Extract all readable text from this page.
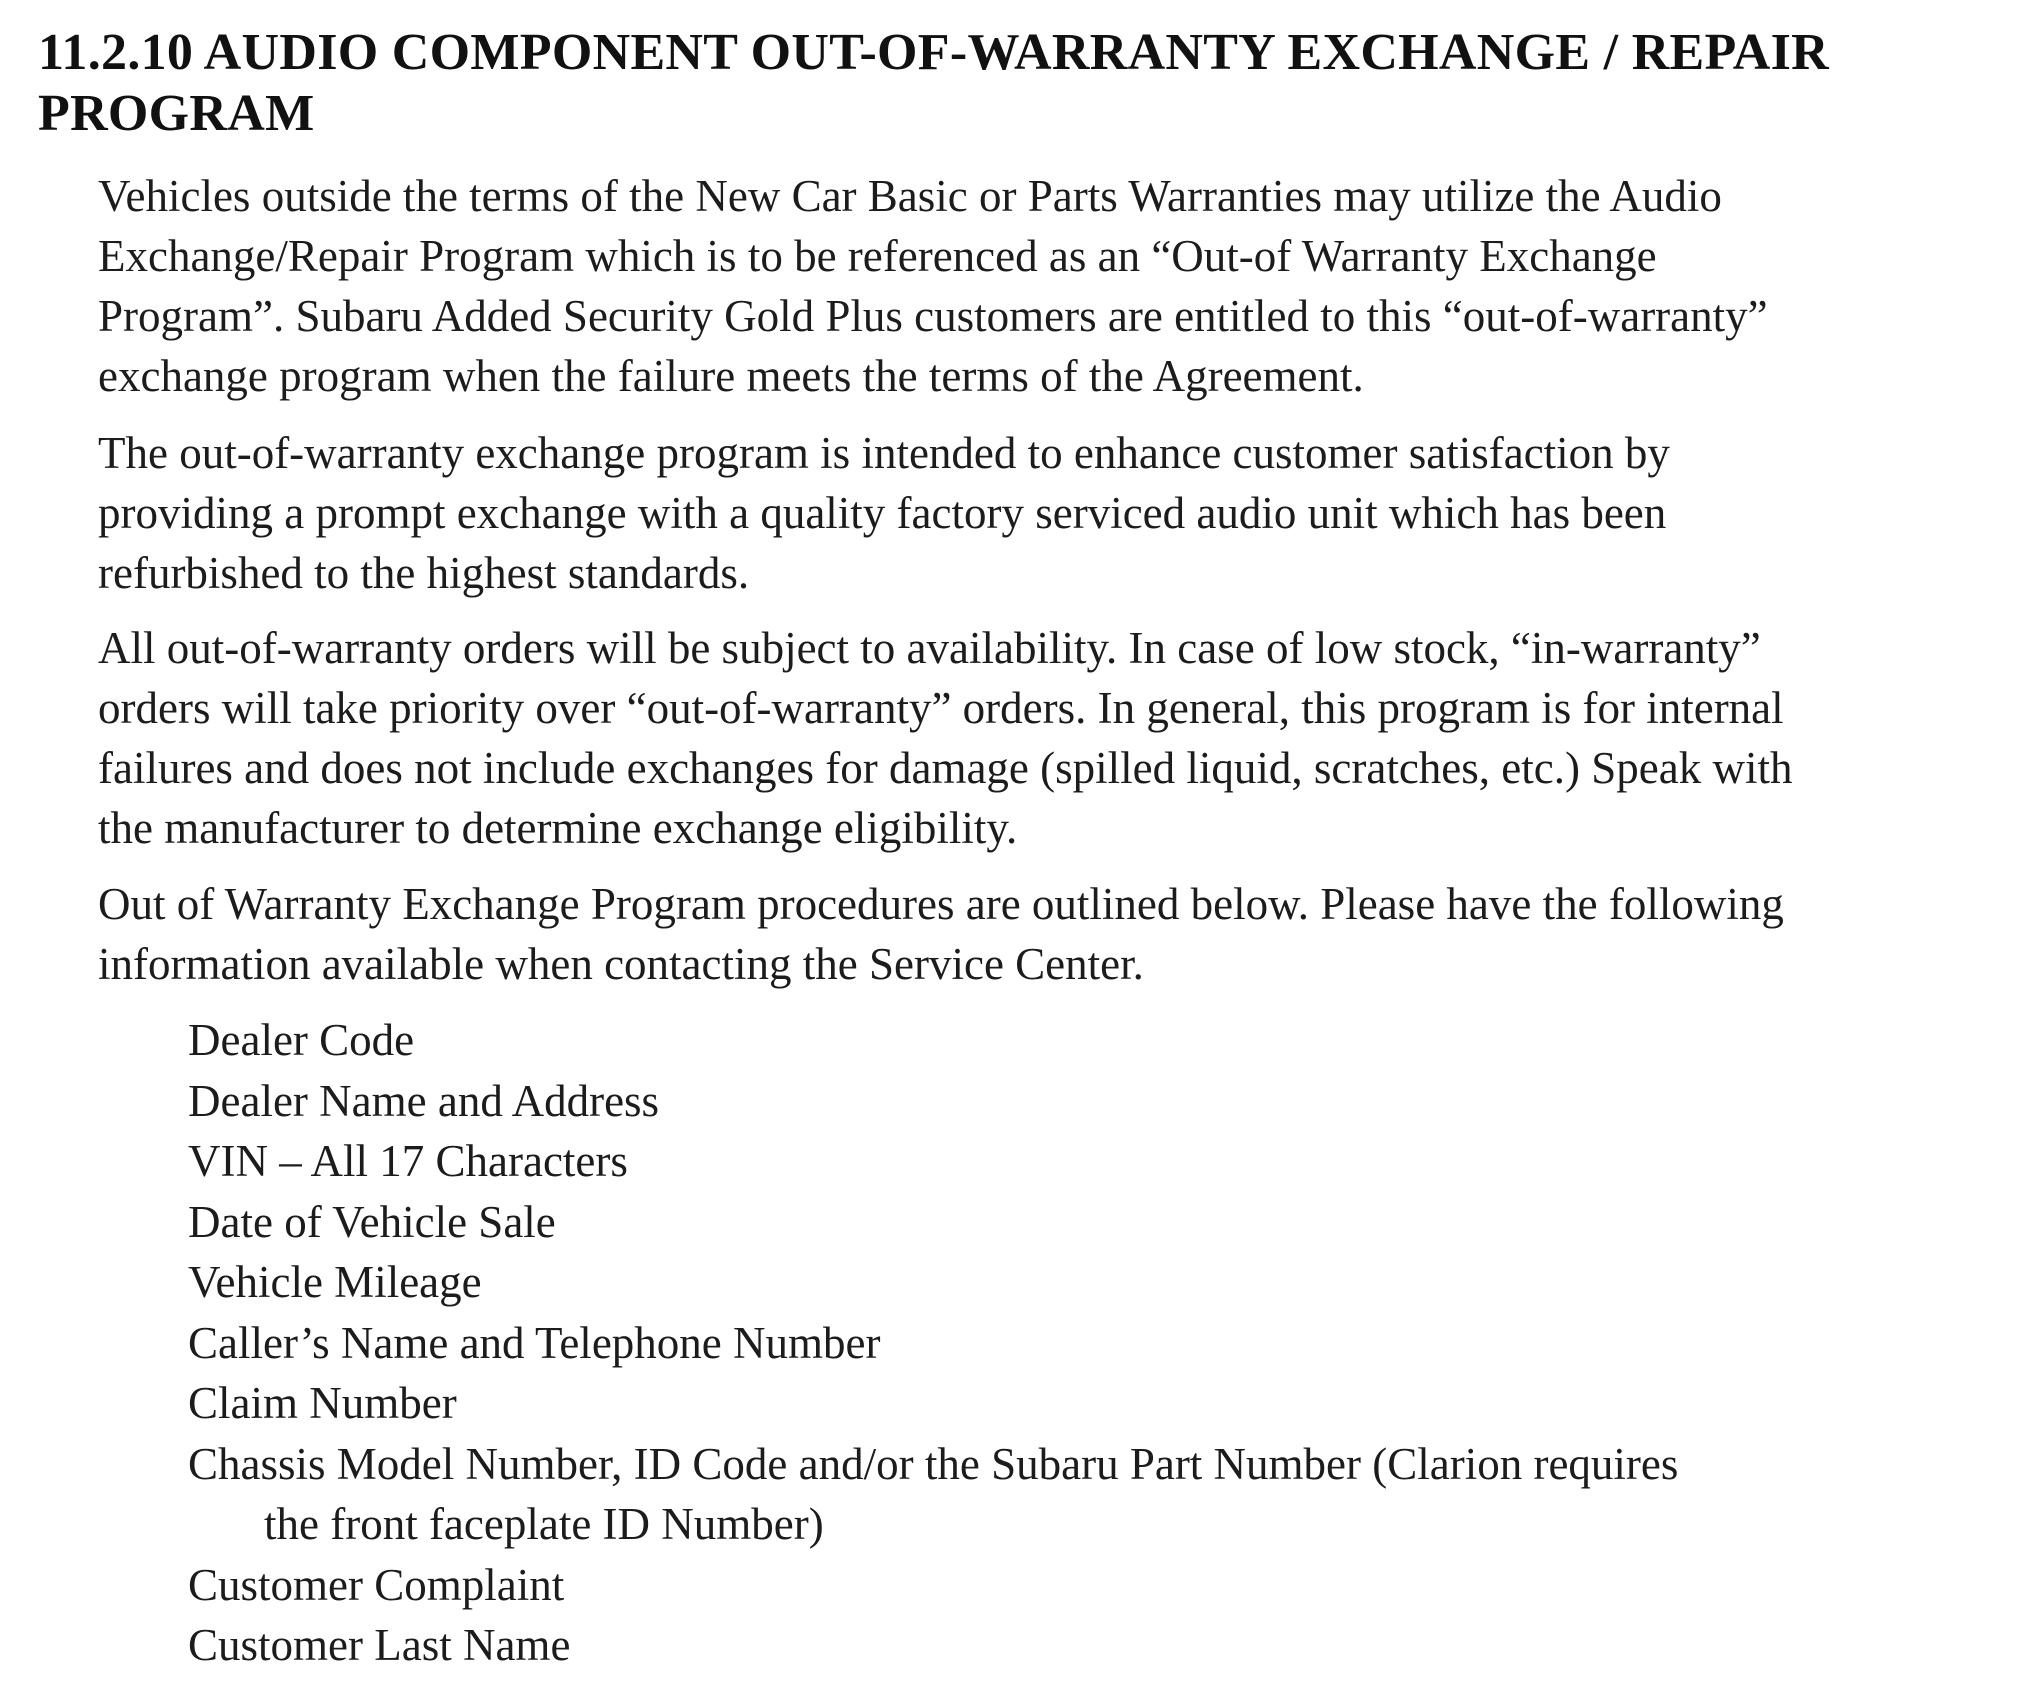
11.2.10 AUDIO COMPONENT OUT-OF-WARRANTY EXCHANGE / REPAIR
PROGRAM

Vehicles outside the terms of the New Car Basic or Parts Warranties may utilize the Audio
Exchange/Repair Program which is to be referenced as an “Out-of Warranty Exchange
Program”. Subaru Added Security Gold Plus customers are entitled to this “out-of-warranty”
exchange program when the failure meets the terms of the Agreement.

The out-of-warranty exchange program is intended to enhance customer satisfaction by
providing a prompt exchange with a quality factory serviced audio unit which has been
refurbished to the highest standards.

All out-of-warranty orders will be subject to availability. In case of low stock, “in-warranty”
orders will take priority over “out-of-warranty” orders. In general, this program is for internal
failures and does not include exchanges for damage (spilled liquid, scratches, etc.) Speak with
the manufacturer to determine exchange eligibility.

Out of Warranty Exchange Program procedures are outlined below. Please have the following
information available when contacting the Service Center.

Dealer Code
Dealer Name and Address
VIN – All 17 Characters
Date of Vehicle Sale
Vehicle Mileage
Caller’s Name and Telephone Number
Claim Number
Chassis Model Number, ID Code and/or the Subaru Part Number (Clarion requires
the front faceplate ID Number)
Customer Complaint
Customer Last Name
